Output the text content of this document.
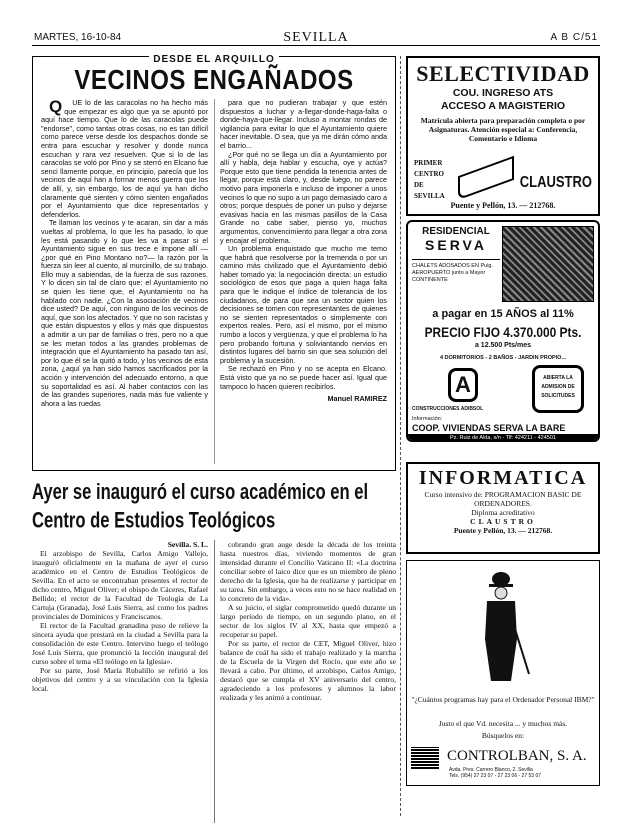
MARTES, 16-10-84	SEVILLA	A B C/51
DESDE EL ARQUILLO
VECINOS ENGAÑADOS

QUE lo de las caracolas no ha hecho más que empezar es algo que ya se apuntó por aquí hace tiempo. Que lo de las caracolas puede "endorse", como tantas otras cosas, no es tan difícil como parece verse desde los despachos donde se entra para escuchar y resolver y donde nunca escuchan y rara vez resuelven. Que si lo de las caracolas se voló por Pino y se sterró en Elcano fue senci llamente porque, en principio, parecía que los vecinos de aquí han a formar menos guerra que los de allí, y, sin embargo, los de aquí ya han dicho claramente qué sienten y cómo sienten engañados por el Ayuntamiento que dice representarlos y defenderlos.

Te llaman los vecinos y te acaran, sin dar a más vueltas al problema, lo que les ha pasado, lo que les está pasando y lo que les va a pasar si el Ayuntamiento sigue en sus trece e impone allí —¿por qué en Pino Montano no?— la razón por la fuerza sin leer al cuento, al murcinillo, de su trabajo. Ello muy a sabiendas, de la fuerza de sus razones. Y lo dicen sin tal de claro que: el Ayuntamiento no se quien les tiene que, el Ayuntamiento no ha hablado con nadie. ¿Con la asociación de vecinos dice usted? De aquí, con ninguno de los vecinos de aquí, que son los afectados. Y que no son racistas y que están dispuestos y ellos y más que dispuestos a admitir a un par de familias o tres, pero no a que se les metan todos a las grandes problemas de integración que el Ayuntamiento ha pasado tan así, por lo que él se la quitó a todo, y los vecinos de esta zona, ¿aquí ya han sido hamos sacrificados por la acción y intervención del adecuado entorno, a que su soportalidad es así. Al haber contactos con las de las grandes superiores, nada más fue valiente y ahora a las ruedas

para que no pudieran trabajar y que estén dispuestos a luchar y a-llegar-donde-haga-falta o donde-haya-que-llegar. Incluso a montar rondas de vigilancia para evitar lo que el Ayuntamiento quiere hacer inevitable. O sea, que ya me dirán cómo anda el barrio...

¿Por qué no se llega un día a Ayuntamiento por allí y habla, deja hablar y escucha, oye y actúa? Porque esto que tiene pendida la tenencia antes de llegar, porque está claro, y, desde luego, no parece motivo para imponerla e incluso de imponer a unos vecinos lo que no supo a un pago demasiado caro a otros; porque después de poner un pulso y dejarse evasivas hacia en las mismas pasillos de la Casa Grande no cabe saber, pienso yo, muchos argumentos, convencimiento para llegar a otra zona y encajar el problema.

Un problema enquistado que mucho me temo que habrá que resolverse por la tremenda o por un camino más civilizado que el Ayuntamiento debió haber tomado ya: la negociación directa: un estudio sociológico de esos que paga a quien haga falta para que le indique el índice de tolerancia de los ciudadanos, de para que sea un sector quien los decisiones se tomen con representantes de quienes no se sienten representados o simplemente con expertos reales. Pero, así el mismo, por el mismo rumbo a locos y vergüenza, y que el problema lo ha pero probando fortuna y soliviantando nervios en distintos lugares del barrio sin que sea solución del problema y la sucesión.

Se rechazó en Pino y no se acepta en Elcano. Está visto que ya no se puede hacer así. Igual que tampoco lo hacen quieren recibirlos.

Manuel RAMIREZ
SELECTIVIDAD
COU. INGRESO ATS
ACCESO A MAGISTERIO
Matrícula abierta para preparación completa o por Asignaturas. Atención especial a: Conferencia, Comentario e Idioma
PRIMER
CENTRO
DE
SEVILLA
CLAUSTRO
Puente y Pellón, 13. — 212768.
RESIDENCIAL
SERVA
CHALETS ADOSADOS EN Pulg. AEROPUERTO junto a Mayor CONTINENTE
a pagar en 15 AÑOS al 11%
PRECIO FIJO 4.370.000 Pts.
a 12.500 Pts/mes
4 DORMITORIOS - 2 BAÑOS - JARDIN PROPIO...
A	ABIERTA LA ADMISION DE SOLICITUDES
CONSTRUCCIONES ADIBSOL
Información:
COOP. VIVIENDAS SERVA LA BARE
Pz. Ruiz de Alda, s/n - Tlf: 424211 - 424501
INFORMATICA
Curso intensivo de: PROGRAMACION BASIC DE ORDENADORES.
Diploma acreditativo
CLAUSTRO
Puente y Pellón, 13. — 212768.
"¿Cuántos programas hay para el Ordenador Personal IBM?"
Justo el que Vd. necesita ... y muchos más.
Búsquelos en:
CONTROLBAN, S. A.
Avda. Pres. Carrero Blanco, 2. Sevilla
Tels. (954) 27 23 07 - 27 23 06 - 27 53 07
Ayer se inauguró el curso académico en el Centro de Estudios Teológicos
Sevilla. S. L.

El arzobispo de Sevilla, Carlos Amigo Vallejo, inauguró oficialmente en la mañana de ayer el curso académico en el Centro de Estudios Teológicos de Sevilla. En el acto se encontraban presentes el rector de dicho centro, Miguel Oliver; el obispo de Cáceres, Rafael Bellido; el rector de la Facultad de Teología de La Cartuja (Granada), José Luis Sierra, así como los padres provinciales de Dominicos y Franciscanos.

El rector de la Facultad granadina puso de relieve la sincera ayuda que prestará en la ciudad a Sevilla para la consolidación de este Centro. Intervino luego el teólogo José Luis Sierra, que pronunció la lección inaugural del curso sobre el tema «El teólogo en la Iglesia».

Por su parte, José María Rubalillo se refirió a los objetivos del centro y a su vinculación con la Iglesia local.

cobrando gran auge desde la década de los treinta hasta nuestros días, viviendo momentos de gran intensidad durante el Concilio Vaticano II: «La doctrina conciliar sobre el laico dice que es un miembro de pleno derecho de la Iglesia, que ha de realizarse y participar en su tarea. Sin embargo, a veces esto no se hace realidad en lo concreto de la vida».

A su juicio, el siglar comprometido quedó durante un largo período de tiempo, en un segundo plano, en el sector de los siglos IV al XX, hasta que empezó a recuperar su papel.

Por su parte, el rector de CET, Miguel Oliver, hizo balance de cuál ha sido el trabajo realizado y la marcha de la Escuela de la Virgen del Rocío, que este año se llevará a cabo. Por último, el arzobispo, Carlos Amigo, destacó que se cumpla el XV aniversario del centro, agradeciendo a los profesores y alumnos la labor realizada y les animó a continuar.
